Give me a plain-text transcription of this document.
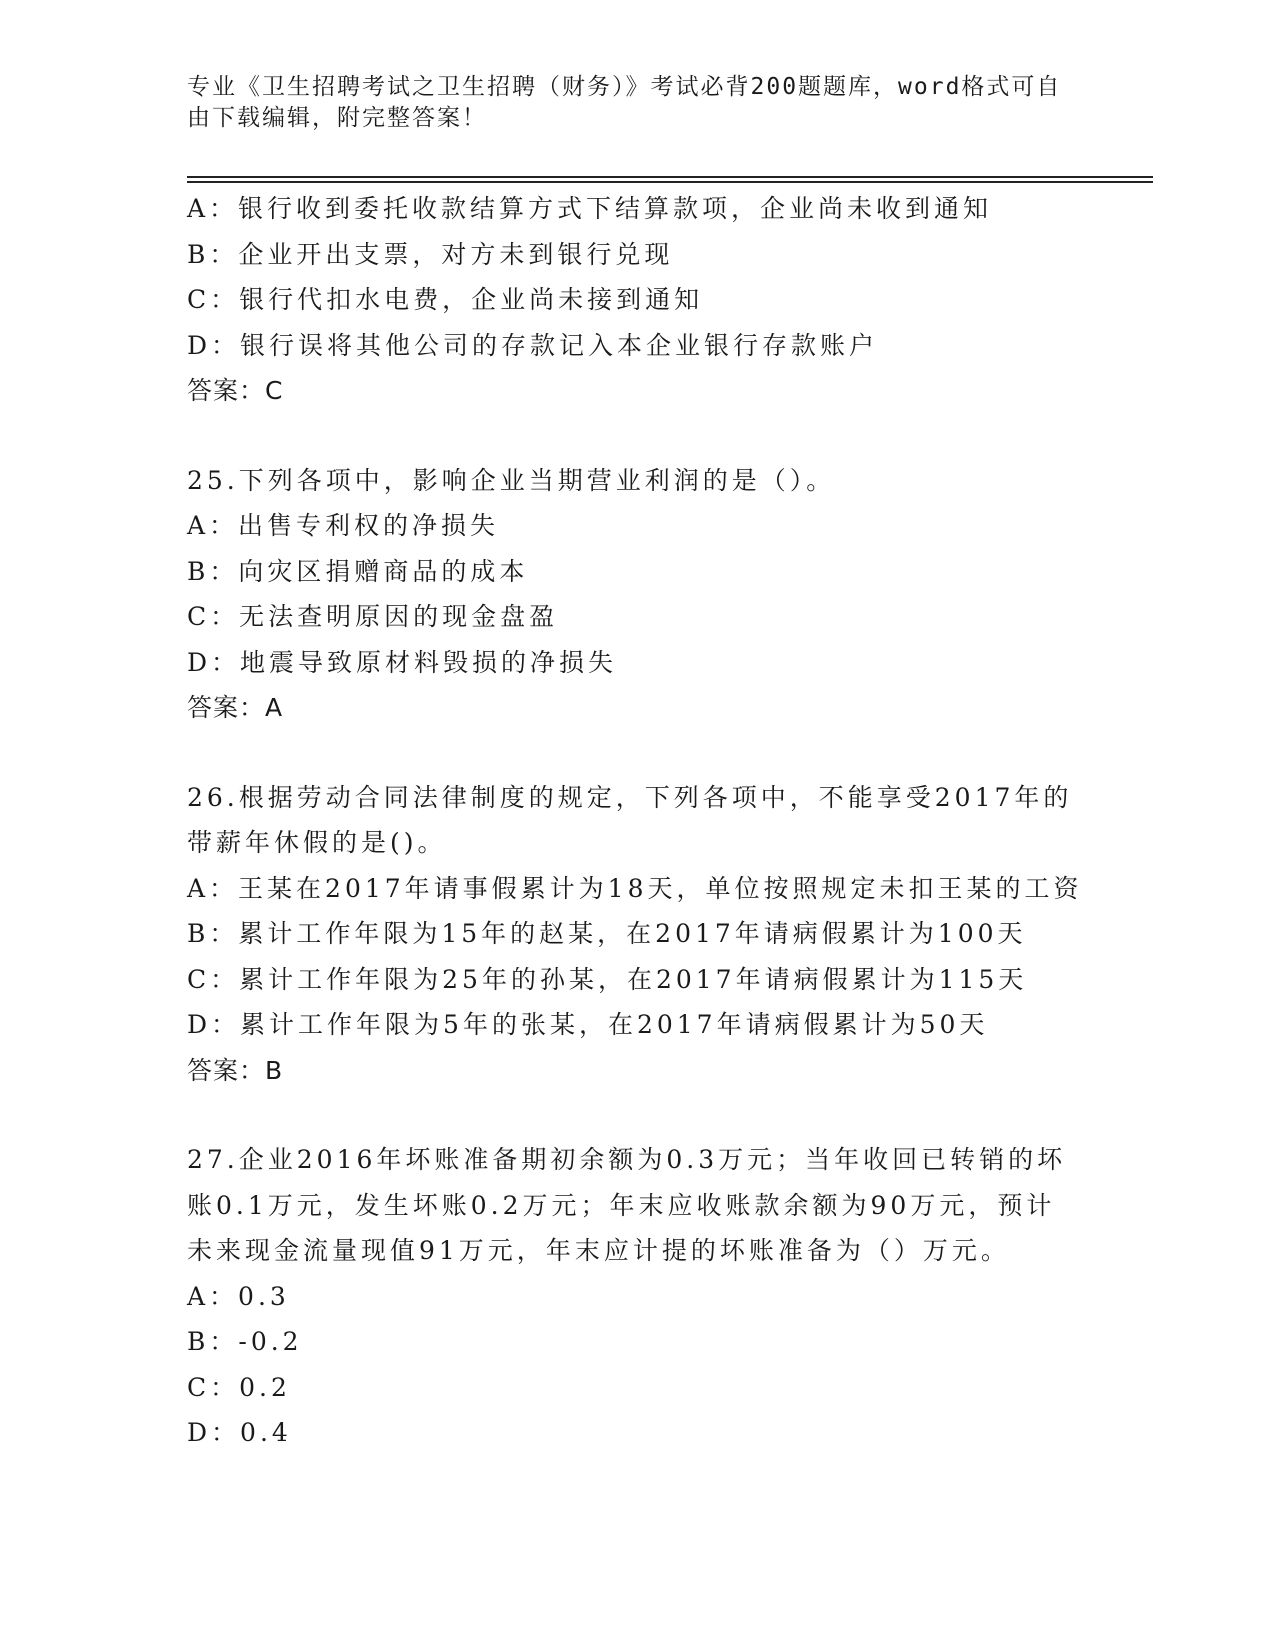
专业《卫生招聘考试之卫生招聘（财务）》考试必背200题题库，word格式可自
由下载编辑，附完整答案！
A：银行收到委托收款结算方式下结算款项，企业尚未收到通知
B：企业开出支票，对方未到银行兑现
C：银行代扣水电费，企业尚未接到通知
D：银行误将其他公司的存款记入本企业银行存款账户
答案：C
25.下列各项中，影响企业当期营业利润的是（）。
A：出售专利权的净损失
B：向灾区捐赠商品的成本
C：无法查明原因的现金盘盈
D：地震导致原材料毁损的净损失
答案：A
26.根据劳动合同法律制度的规定，下列各项中，不能享受2017年的
带薪年休假的是()。
A：王某在2017年请事假累计为18天，单位按照规定未扣王某的工资
B：累计工作年限为15年的赵某，在2017年请病假累计为100天
C：累计工作年限为25年的孙某，在2017年请病假累计为115天
D：累计工作年限为5年的张某，在2017年请病假累计为50天
答案：B
27.企业2016年坏账准备期初余额为0.3万元；当年收回已转销的坏
账0.1万元，发生坏账0.2万元；年末应收账款余额为90万元，预计
未来现金流量现值91万元，年末应计提的坏账准备为（）万元。
A：0.3
B：-0.2
C：0.2
D：0.4
